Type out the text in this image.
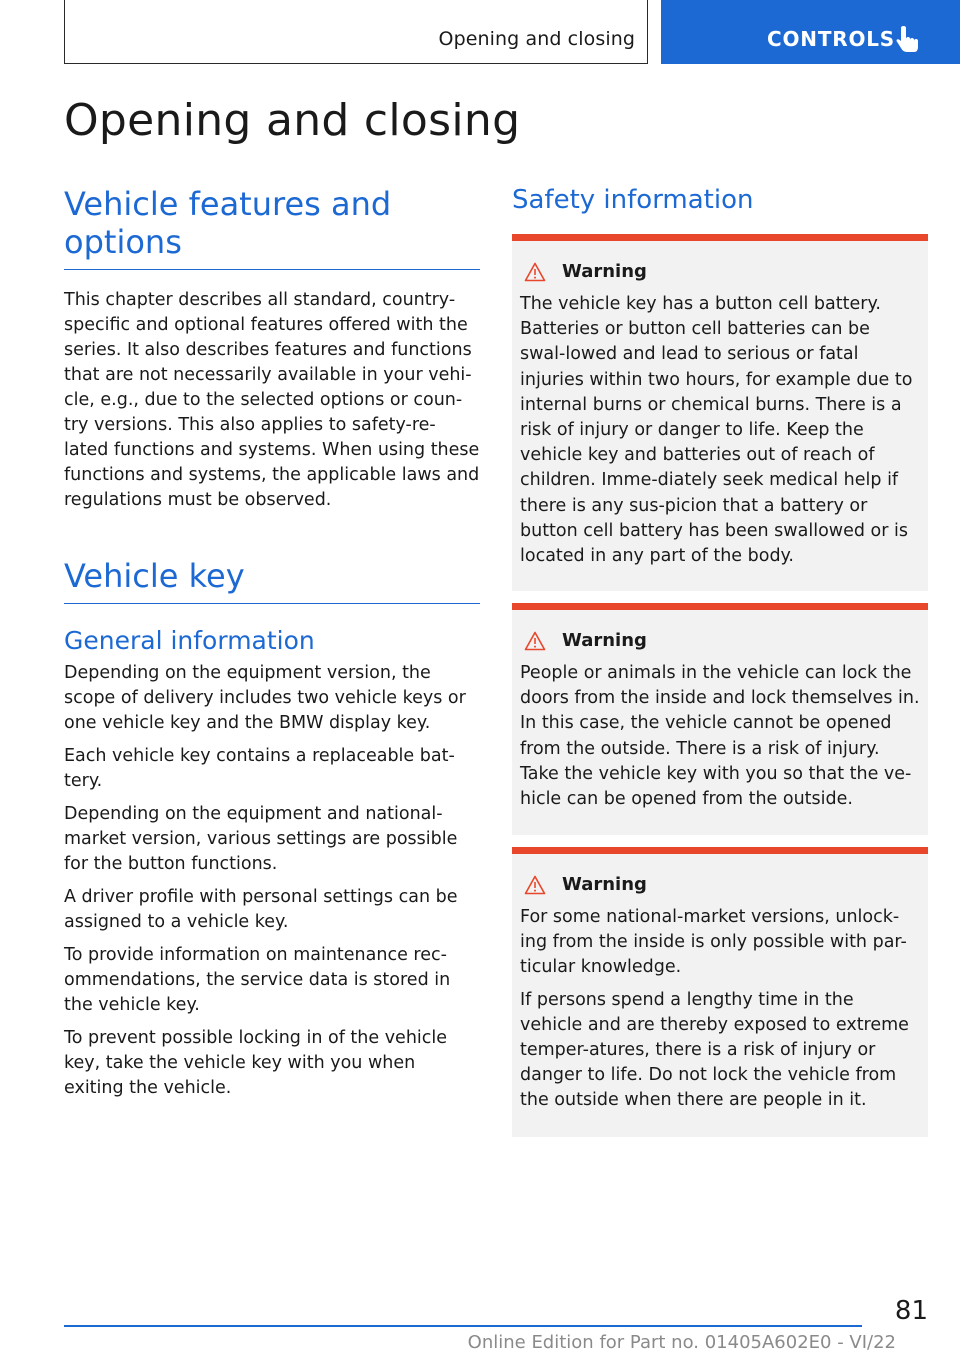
Opening and closing	CONTROLS
Opening and closing
Vehicle features and options

This chapter describes all standard, country-specific and optional features offered with the series. It also describes features and functions that are not necessarily available in your vehi-cle, e.g., due to the selected options or coun-try versions. This also applies to safety-re-lated functions and systems. When using these functions and systems, the applicable laws and regulations must be observed.

Vehicle key
General information

Depending on the equipment version, the scope of delivery includes two vehicle keys or one vehicle key and the BMW display key.

Each vehicle key contains a replaceable bat-tery.

Depending on the equipment and national-market version, various settings are possible for the button functions.

A driver profile with personal settings can be assigned to a vehicle key.

To provide information on maintenance rec-ommendations, the service data is stored in the vehicle key.

To prevent possible locking in of the vehicle key, take the vehicle key with you when exiting the vehicle.

Safety information
Warning

The vehicle key has a button cell battery. Batteries or button cell batteries can be swal-lowed and lead to serious or fatal injuries within two hours, for example due to internal burns or chemical burns. There is a risk of injury or danger to life. Keep the vehicle key and batteries out of reach of children. Imme-diately seek medical help if there is any sus-picion that a battery or button cell battery has been swallowed or is located in any part of the body.

Warning

People or animals in the vehicle can lock the doors from the inside and lock themselves in. In this case, the vehicle cannot be opened from the outside. There is a risk of injury. Take the vehicle key with you so that the ve-hicle can be opened from the outside.

Warning

For some national-market versions, unlock-ing from the inside is only possible with par-ticular knowledge.

If persons spend a lengthy time in the vehicle and are thereby exposed to extreme temper-atures, there is a risk of injury or danger to life. Do not lock the vehicle from the outside when there are people in it.

81
Online Edition for Part no. 01405A602E0 - VI/22
